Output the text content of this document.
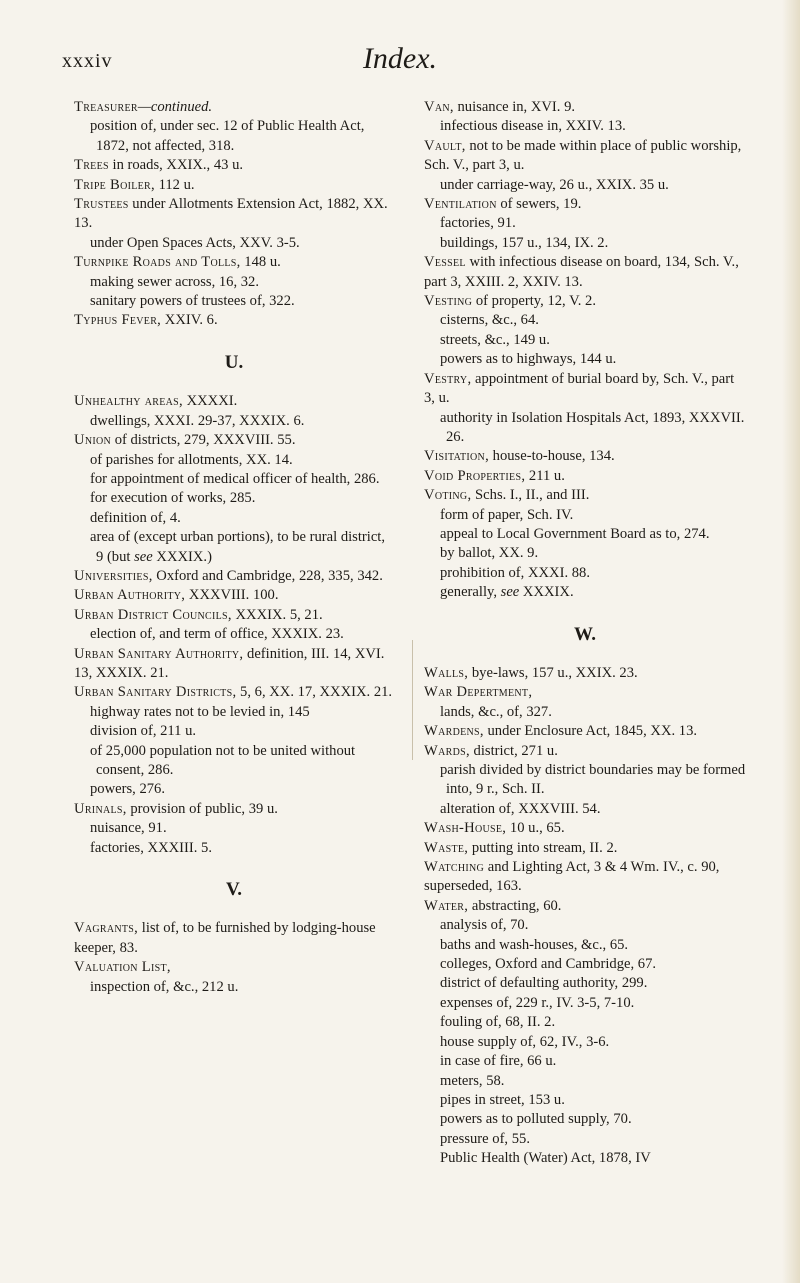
xxxiv	Index.
Treasurer—continued.
position of, under sec. 12 of Public Health Act, 1872, not affected, 318.
Trees in roads, XXIX., 43 u.
Tripe Boiler, 112 u.
Trustees under Allotments Extension Act, 1882, XX. 13.
under Open Spaces Acts, XXV. 3-5.
Turnpike Roads and Tolls, 148 u.
making sewer across, 16, 32.
sanitary powers of trustees of, 322.
Typhus Fever, XXIV. 6.
U.
Unhealthy areas, XXXXI.
dwellings, XXXI. 29-37, XXXIX. 6.
Union of districts, 279, XXXVIII. 55.
of parishes for allotments, XX. 14.
for appointment of medical officer of health, 286.
for execution of works, 285.
definition of, 4.
area of (except urban portions), to be rural district, 9 (but see XXXIX.)
Universities, Oxford and Cambridge, 228, 335, 342.
Urban Authority, XXXVIII. 100.
Urban District Councils, XXXIX. 5, 21.
election of, and term of office, XXXIX. 23.
Urban Sanitary Authority, definition, III. 14, XVI. 13, XXXIX. 21.
Urban Sanitary Districts, 5, 6, XX. 17, XXXIX. 21.
highway rates not to be levied in, 145
division of, 211 u.
of 25,000 population not to be united without consent, 286.
powers, 276.
Urinals, provision of public, 39 u.
nuisance, 91.
factories, XXXIII. 5.
V.
Vagrants, list of, to be furnished by lodging-house keeper, 83.
Valuation List,
inspection of, &c., 212 u.
Van, nuisance in, XVI. 9.
infectious disease in, XXIV. 13.
Vault, not to be made within place of public worship, Sch. V., part 3, u.
under carriage-way, 26 u., XXIX. 35 u.
Ventilation of sewers, 19.
factories, 91.
buildings, 157 u., 134, IX. 2.
Vessel with infectious disease on board, 134, Sch. V., part 3, XXIII. 2, XXIV. 13.
Vesting of property, 12, V. 2.
cisterns, &c., 64.
streets, &c., 149 u.
powers as to highways, 144 u.
Vestry, appointment of burial board by, Sch. V., part 3, u.
authority in Isolation Hospitals Act, 1893, XXXVII. 26.
Visitation, house-to-house, 134.
Void Properties, 211 u.
Voting, Schs. I., II., and III.
form of paper, Sch. IV.
appeal to Local Government Board as to, 274.
by ballot, XX. 9.
prohibition of, XXXI. 88.
generally, see XXXIX.
W.
Walls, bye-laws, 157 u., XXIX. 23.
War Depertment,
lands, &c., of, 327.
Wardens, under Enclosure Act, 1845, XX. 13.
Wards, district, 271 u.
parish divided by district boundaries may be formed into, 9 r., Sch. II.
alteration of, XXXVIII. 54.
Wash-House, 10 u., 65.
Waste, putting into stream, II. 2.
Watching and Lighting Act, 3 & 4 Wm. IV., c. 90, superseded, 163.
Water, abstracting, 60.
analysis of, 70.
baths and wash-houses, &c., 65.
colleges, Oxford and Cambridge, 67.
district of defaulting authority, 299.
expenses of, 229 r., IV. 3-5, 7-10.
fouling of, 68, II. 2.
house supply of, 62, IV., 3-6.
in case of fire, 66 u.
meters, 58.
pipes in street, 153 u.
powers as to polluted supply, 70.
pressure of, 55.
Public Health (Water) Act, 1878, IV
